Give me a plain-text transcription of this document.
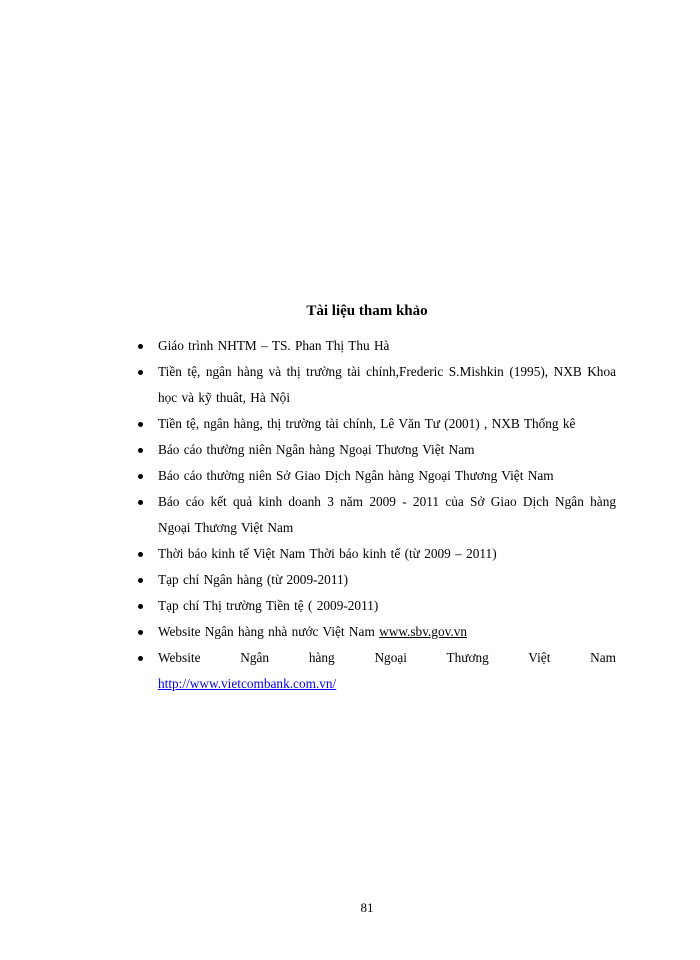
Tài liệu tham khảo
Giáo trình NHTM – TS. Phan Thị Thu Hà
Tiền tệ, ngân hàng và thị trường tài chính,Frederic S.Mishkin (1995), NXB Khoa học và kỹ thuât, Hà Nội
Tiền tệ, ngân hàng, thị trường tài chính, Lê Văn Tư (2001) , NXB Thống kê
Báo cáo thường niên Ngân hàng Ngoại Thương Việt Nam
Báo cáo thường niên Sở Giao Dịch Ngân hàng Ngoại Thương Việt Nam
Báo cáo kết quả kinh doanh 3 năm 2009 - 2011 của Sở Giao Dịch Ngân hàng Ngoại Thương Việt Nam
Thời báo kinh tế Việt Nam Thời báo kinh tế (từ 2009 – 2011)
Tạp chí Ngân hàng (từ 2009-2011)
Tạp chí Thị trường Tiền tệ ( 2009-2011)
Website Ngân hàng nhà nước Việt Nam www.sbv.gov.vn
Website Ngân hàng Ngoại Thương Việt Nam
http://www.vietcombank.com.vn/
81
